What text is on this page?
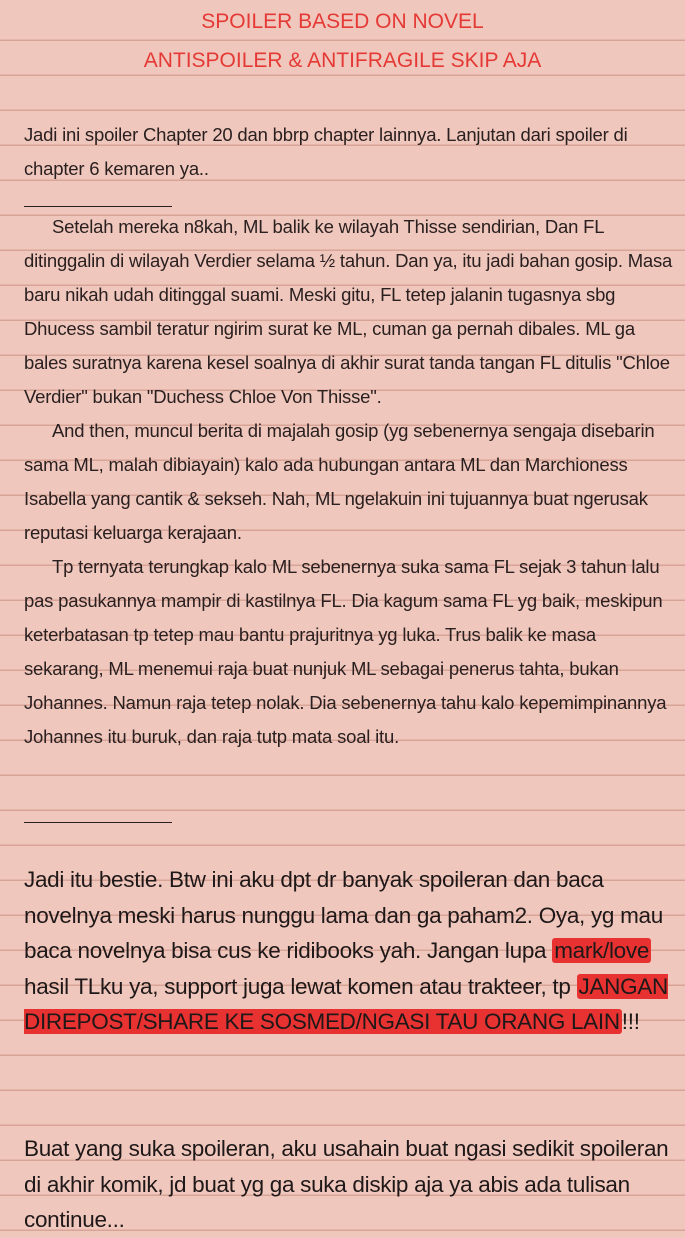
SPOILER BASED ON NOVEL
ANTISPOILER & ANTIFRAGILE SKIP AJA
Jadi ini spoiler Chapter 20 dan bbrp chapter lainnya. Lanjutan dari spoiler di chapter 6 kemaren ya..
Setelah mereka n8kah, ML balik ke wilayah Thisse sendirian, Dan FL ditinggalin di wilayah Verdier selama ½ tahun. Dan ya, itu jadi bahan gosip. Masa baru nikah udah ditinggal suami. Meski gitu, FL tetep jalanin tugasnya sbg Dhucess sambil teratur ngirim surat ke ML, cuman ga pernah dibales. ML ga bales suratnya karena kesel soalnya di akhir surat tanda tangan FL ditulis "Chloe Verdier" bukan "Duchess Chloe Von Thisse".
And then, muncul berita di majalah gosip (yg sebenernya sengaja disebarin sama ML, malah dibiayain) kalo ada hubungan antara ML dan Marchioness Isabella yang cantik & sekseh. Nah, ML ngelakuin ini tujuannya buat ngerusak reputasi keluarga kerajaan.
Tp ternyata terungkap kalo ML sebenernya suka sama FL sejak 3 tahun lalu pas pasukannya mampir di kastilnya FL. Dia kagum sama FL yg baik, meskipun keterbatasan tp tetep mau bantu prajuritnya yg luka. Trus balik ke masa sekarang, ML menemui raja buat nunjuk ML sebagai penerus tahta, bukan Johannes. Namun raja tetep nolak. Dia sebenernya tahu kalo kepemimpinannya Johannes itu buruk, dan raja tutp mata soal itu.
Jadi itu bestie. Btw ini aku dpt dr banyak spoileran dan baca novelnya meski harus nunggu lama dan ga paham2. Oya, yg mau baca novelnya bisa cus ke ridibooks yah. Jangan lupa mark/love hasil TLku ya, support juga lewat komen atau trakteer, tp JANGAN DIREPOST/SHARE KE SOSMED/NGASI TAU ORANG LAIN!!!
Buat yang suka spoileran, aku usahain buat ngasi sedikit spoileran di akhir komik, jd buat yg ga suka diskip aja ya abis ada tulisan continue...
